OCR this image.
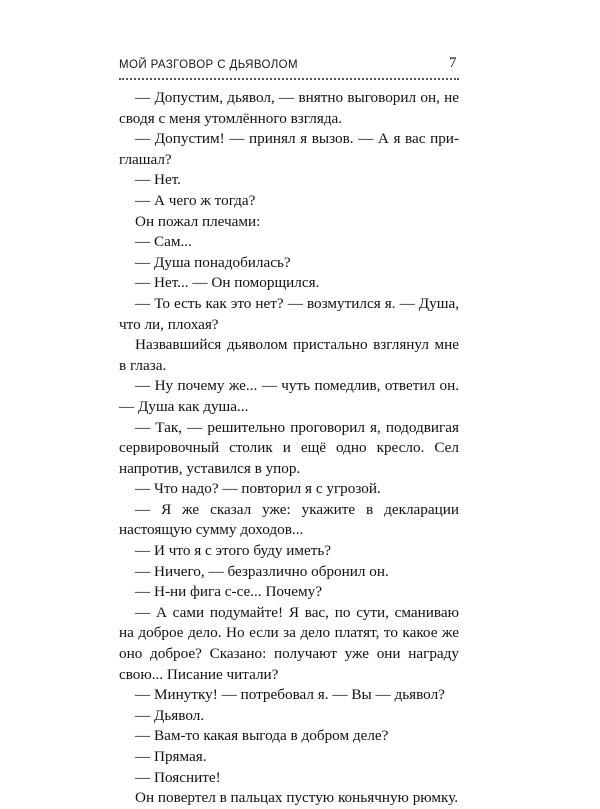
МОЙ РАЗГОВОР С ДЬЯВОЛОМ	7

— Допустим, дьявол, — внятно выговорил он, не сводя с меня утомлённого взгляда.

— Допустим! — принял я вызов. — А я вас приглашал?

— Нет.

— А чего ж тогда?

Он пожал плечами:

— Сам...

— Душа понадобилась?

— Нет... — Он поморщился.

— То есть как это нет? — возмутился я. — Душа, что ли, плохая?

Назвавшийся дьяволом пристально взглянул мне в глаза.

— Ну почему же... — чуть помедлив, ответил он. — Душа как душа...

— Так, — решительно проговорил я, пододвигая сервировочный столик и ещё одно кресло. Сел напротив, уставился в упор.

— Что надо? — повторил я с угрозой.

— Я же сказал уже: укажите в декларации настоящую сумму доходов...

— И что я с этого буду иметь?

— Ничего, — безразлично обронил он.

— Н-ни фига с-се... Почему?

— А сами подумайте! Я вас, по сути, сманиваю на доброе дело. Но если за дело платят, то какое же оно доброе? Сказано: получают уже они награду свою... Писание читали?

— Минутку! — потребовал я. — Вы — дьявол?

— Дьявол.

— Вам-то какая выгода в добром деле?

— Прямая.

— Поясните!

Он повертел в пальцах пустую коньячную рюмку.
